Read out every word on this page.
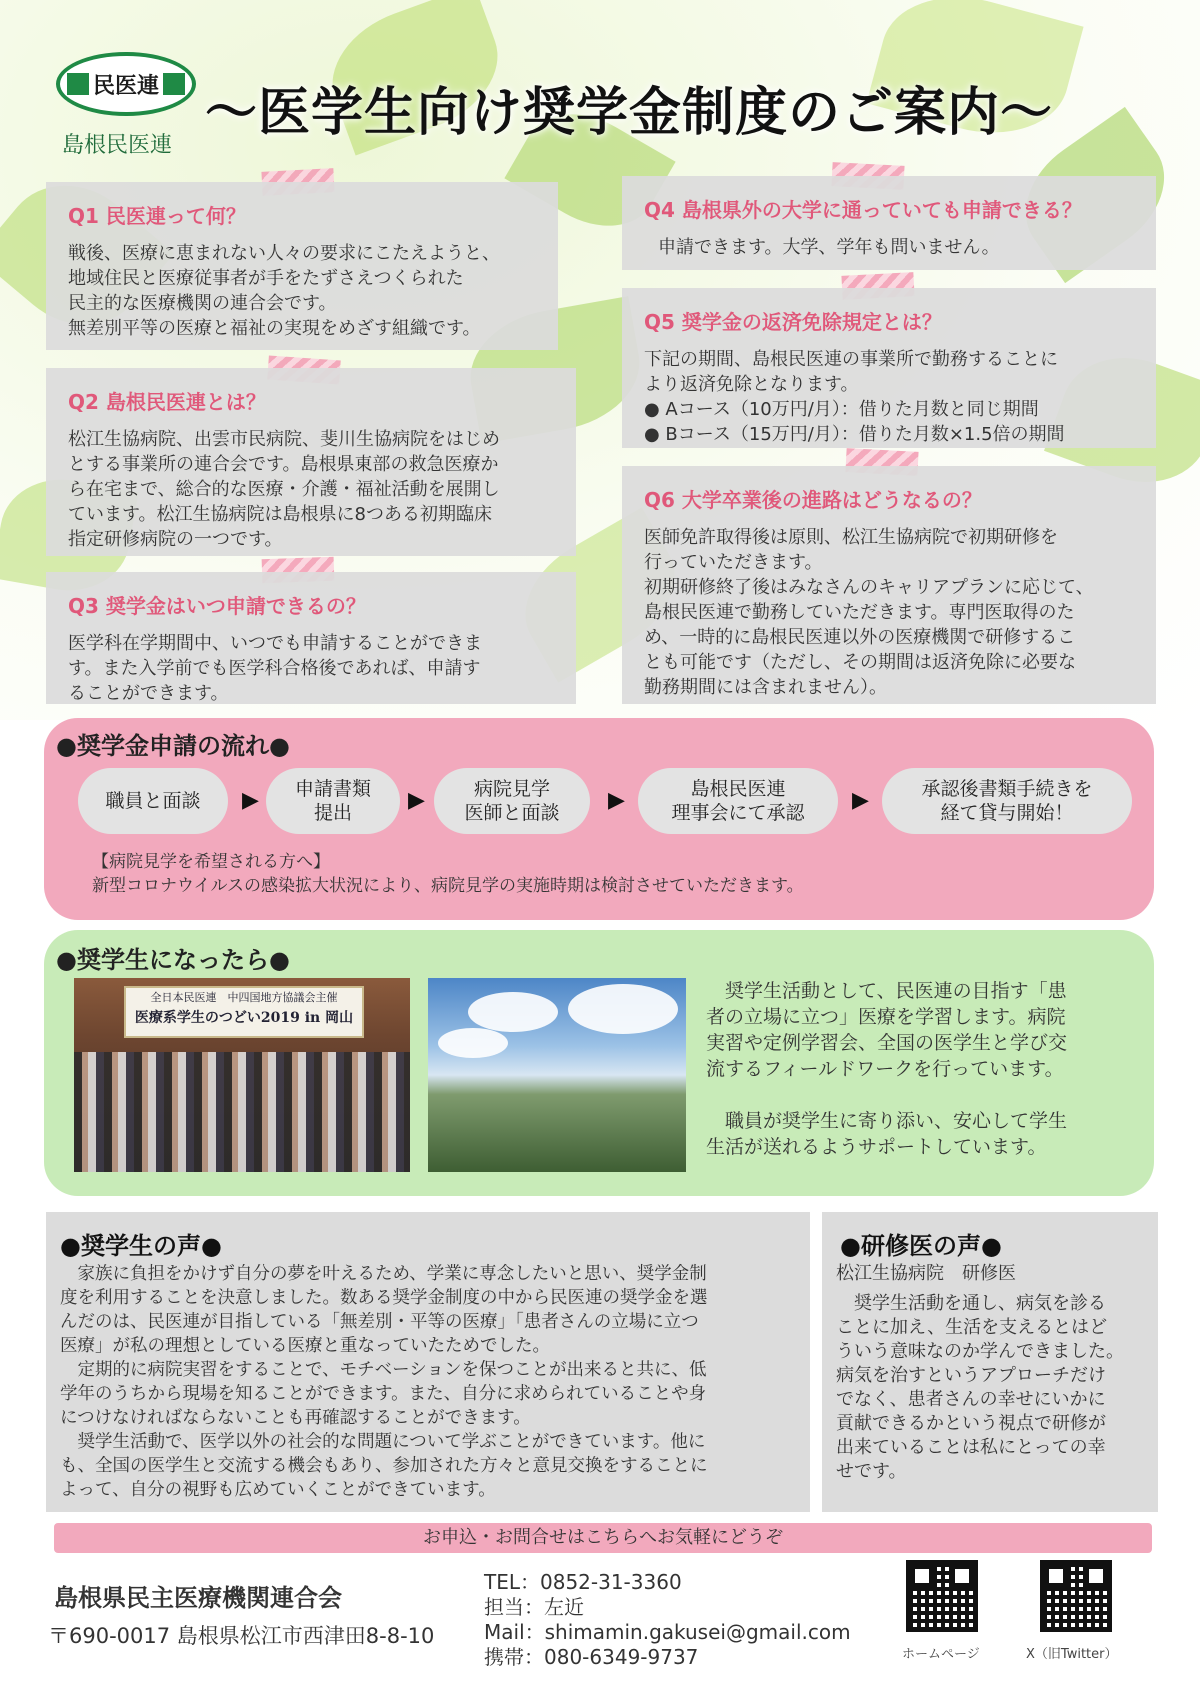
民医連
島根民医連
〜医学生向け奨学金制度のご案内〜
Q1 民医連って何？
戦後、医療に恵まれない人々の要求にこたえようと、
地域住民と医療従事者が手をたずさえつくられた
民主的な医療機関の連合会です。
無差別平等の医療と福祉の実現をめざす組織です。
Q2 島根民医連とは？
松江生協病院、出雲市民病院、斐川生協病院をはじめ
とする事業所の連合会です。島根県東部の救急医療か
ら在宅まで、総合的な医療・介護・福祉活動を展開し
ています。松江生協病院は島根県に8つある初期臨床
指定研修病院の一つです。
Q3 奨学金はいつ申請できるの？
医学科在学期間中、いつでも申請することができま
す。また入学前でも医学科合格後であれば、申請す
ることができます。
Q4 島根県外の大学に通っていても申請できる？
申請できます。大学、学年も問いません。
Q5 奨学金の返済免除規定とは？
下記の期間、島根民医連の事業所で勤務することに
より返済免除となります。
● Aコース（10万円/月）：借りた月数と同じ期間
● Bコース（15万円/月）：借りた月数×1.5倍の期間
Q6 大学卒業後の進路はどうなるの？
医師免許取得後は原則、松江生協病院で初期研修を
行っていただきます。
初期研修終了後はみなさんのキャリアプランに応じて、
島根民医連で勤務していただきます。専門医取得のた
め、一時的に島根民医連以外の医療機関で研修するこ
とも可能です（ただし、その期間は返済免除に必要な
勤務期間には含まれません）。
●奨学金申請の流れ●
職員と面談 ▶ 申請書類
提出	▶	病院見学
医師と面談 ▶	島根民医連
理事会にて承認 ▶	承認後書類手続きを
経て貸与開始！
【病院見学を希望される方へ】
新型コロナウイルスの感染拡大状況により、病院見学の実施時期は検討させていただきます。
●奨学生になったら●
全日本民医連　中四国地方協議会主催
医療系学生のつどい2019 in 岡山
　奨学生活動として、民医連の目指す「患
者の立場に立つ」医療を学習します。病院
実習や定例学習会、全国の医学生と学び交
流するフィールドワークを行っています。
　職員が奨学生に寄り添い、安心して学生
生活が送れるようサポートしています。
●奨学生の声●
　家族に負担をかけず自分の夢を叶えるため、学業に専念したいと思い、奨学金制
度を利用することを決意しました。数ある奨学金制度の中から民医連の奨学金を選
んだのは、民医連が目指している「無差別・平等の医療」「患者さんの立場に立つ
医療」が私の理想としている医療と重なっていたためでした。
　定期的に病院実習をすることで、モチベーションを保つことが出来ると共に、低
学年のうちから現場を知ることができます。また、自分に求められていることや身
につけなければならないことも再確認することができます。
　奨学生活動で、医学以外の社会的な問題について学ぶことができています。他に
も、全国の医学生と交流する機会もあり、参加された方々と意見交換をすることに
よって、自分の視野も広めていくことができています。
●研修医の声●
松江生協病院　研修医
　奨学生活動を通し、病気を診る
ことに加え、生活を支えるとはど
ういう意味なのか学んできました。
病気を治すというアプローチだけ
でなく、患者さんの幸せにいかに
貢献できるかという視点で研修が
出来ていることは私にとっての幸
せです。
お申込・お問合せはこちらへお気軽にどうぞ
島根県民主医療機関連合会
〒690-0017 島根県松江市西津田8-8-10
TEL：0852-31-3360
担当：左近
Mail：shimamin.gakusei@gmail.com
携帯：080-6349-9737	ホームページ	X（旧Twitter）
